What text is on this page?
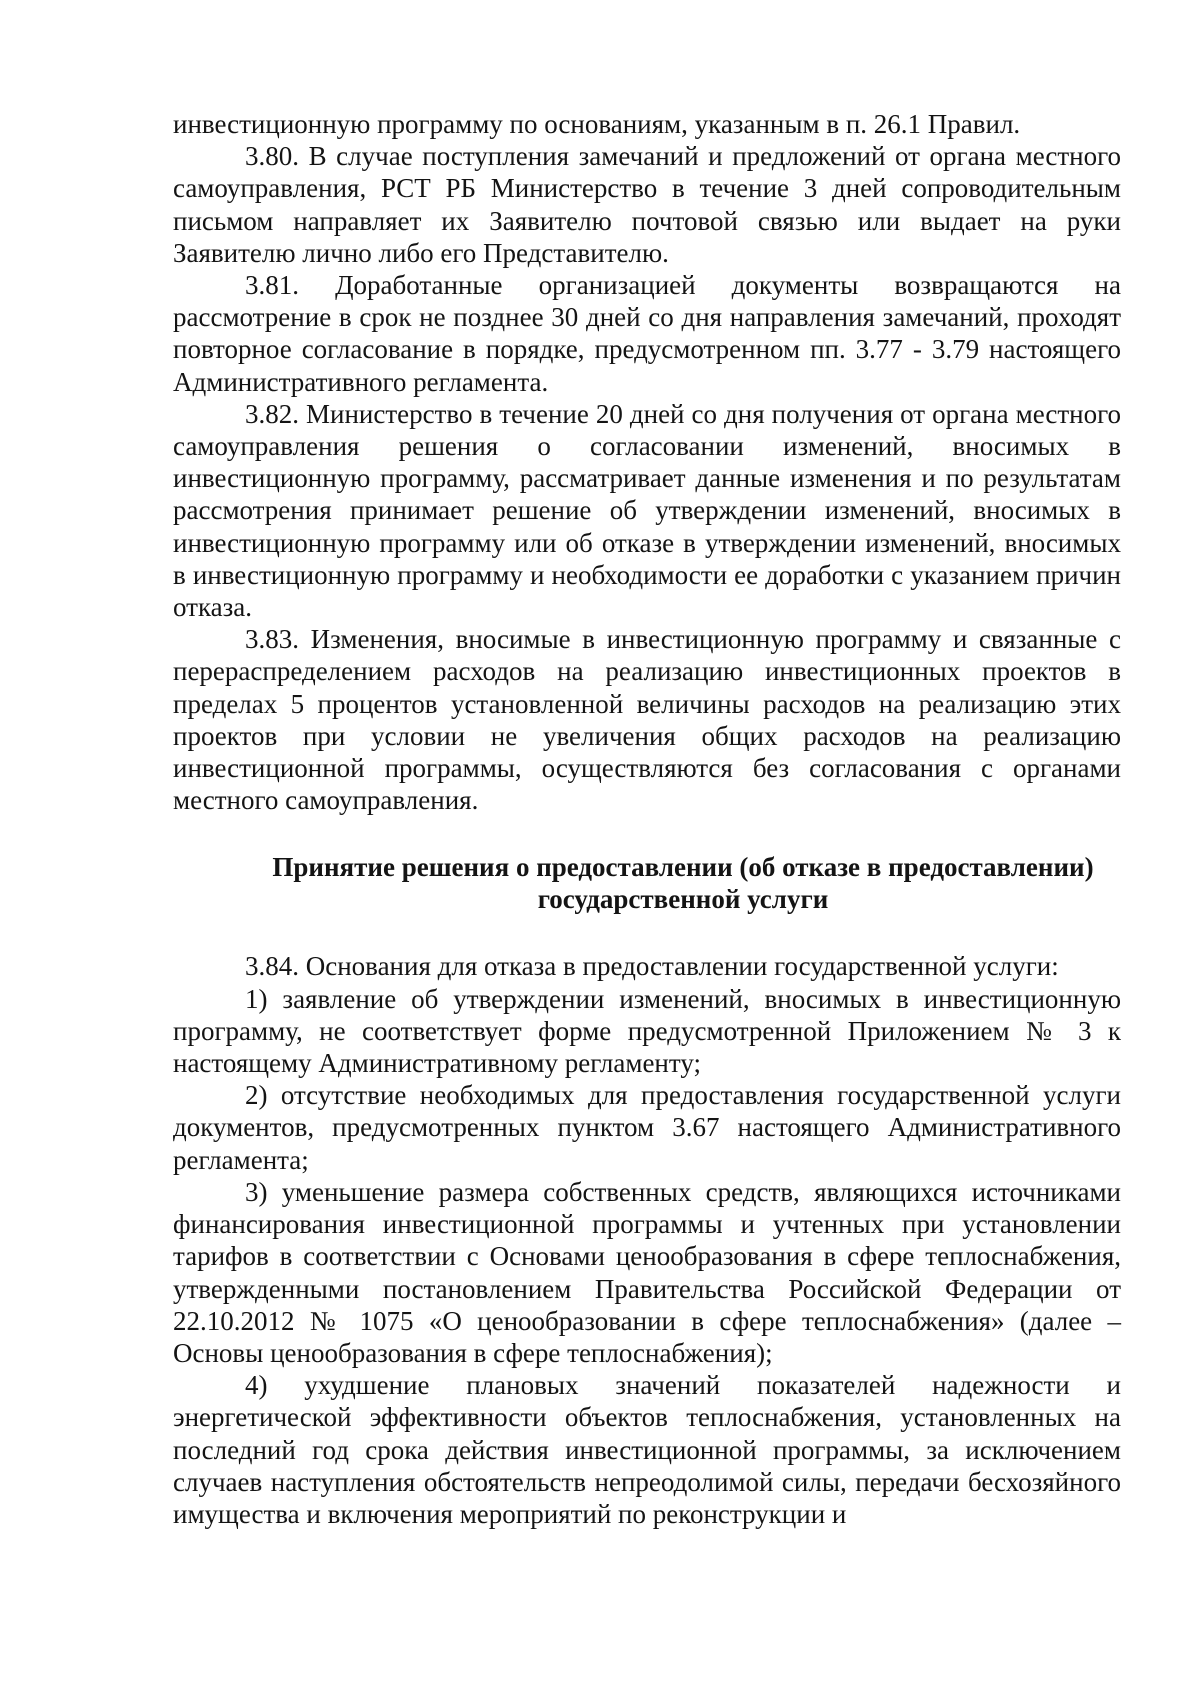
инвестиционную программу по основаниям, указанным в п. 26.1 Правил.

3.80. В случае поступления замечаний и предложений от органа местного самоуправления, РСТ РБ Министерство в течение 3 дней сопроводительным письмом направляет их Заявителю почтовой связью или выдает на руки Заявителю лично либо его Представителю.

3.81. Доработанные организацией документы возвращаются на рассмотрение в срок не позднее 30 дней со дня направления замечаний, проходят повторное согласование в порядке, предусмотренном пп. 3.77 - 3.79 настоящего Административного регламента.

3.82. Министерство в течение 20 дней со дня получения от органа местного самоуправления решения о согласовании изменений, вносимых в инвестиционную программу, рассматривает данные изменения и по результатам рассмотрения принимает решение об утверждении изменений, вносимых в инвестиционную программу или об отказе в утверждении изменений, вносимых в инвестиционную программу и необходимости ее доработки с указанием причин отказа.

3.83. Изменения, вносимые в инвестиционную программу и связанные с перераспределением расходов на реализацию инвестиционных проектов в пределах 5 процентов установленной величины расходов на реализацию этих проектов при условии не увеличения общих расходов на реализацию инвестиционной программы, осуществляются без согласования с органами местного самоуправления.

Принятие решения о предоставлении (об отказе в предоставлении)

государственной услуги

3.84. Основания для отказа в предоставлении государственной услуги:

1) заявление об утверждении изменений, вносимых в инвестиционную программу, не соответствует форме предусмотренной Приложением № 3 к настоящему Административному регламенту;

2) отсутствие необходимых для предоставления государственной услуги документов, предусмотренных пунктом 3.67 настоящего Административного регламента;

3) уменьшение размера собственных средств, являющихся источниками финансирования инвестиционной программы и учтенных при установлении тарифов в соответствии с Основами ценообразования в сфере теплоснабжения, утвержденными постановлением Правительства Российской Федерации от 22.10.2012 № 1075 «О ценообразовании в сфере теплоснабжения» (далее – Основы ценообразования в сфере теплоснабжения);

4) ухудшение плановых значений показателей надежности и энергетической эффективности объектов теплоснабжения, установленных на последний год срока действия инвестиционной программы, за исключением случаев наступления обстоятельств непреодолимой силы, передачи бесхозяйного имущества и включения мероприятий по реконструкции и
